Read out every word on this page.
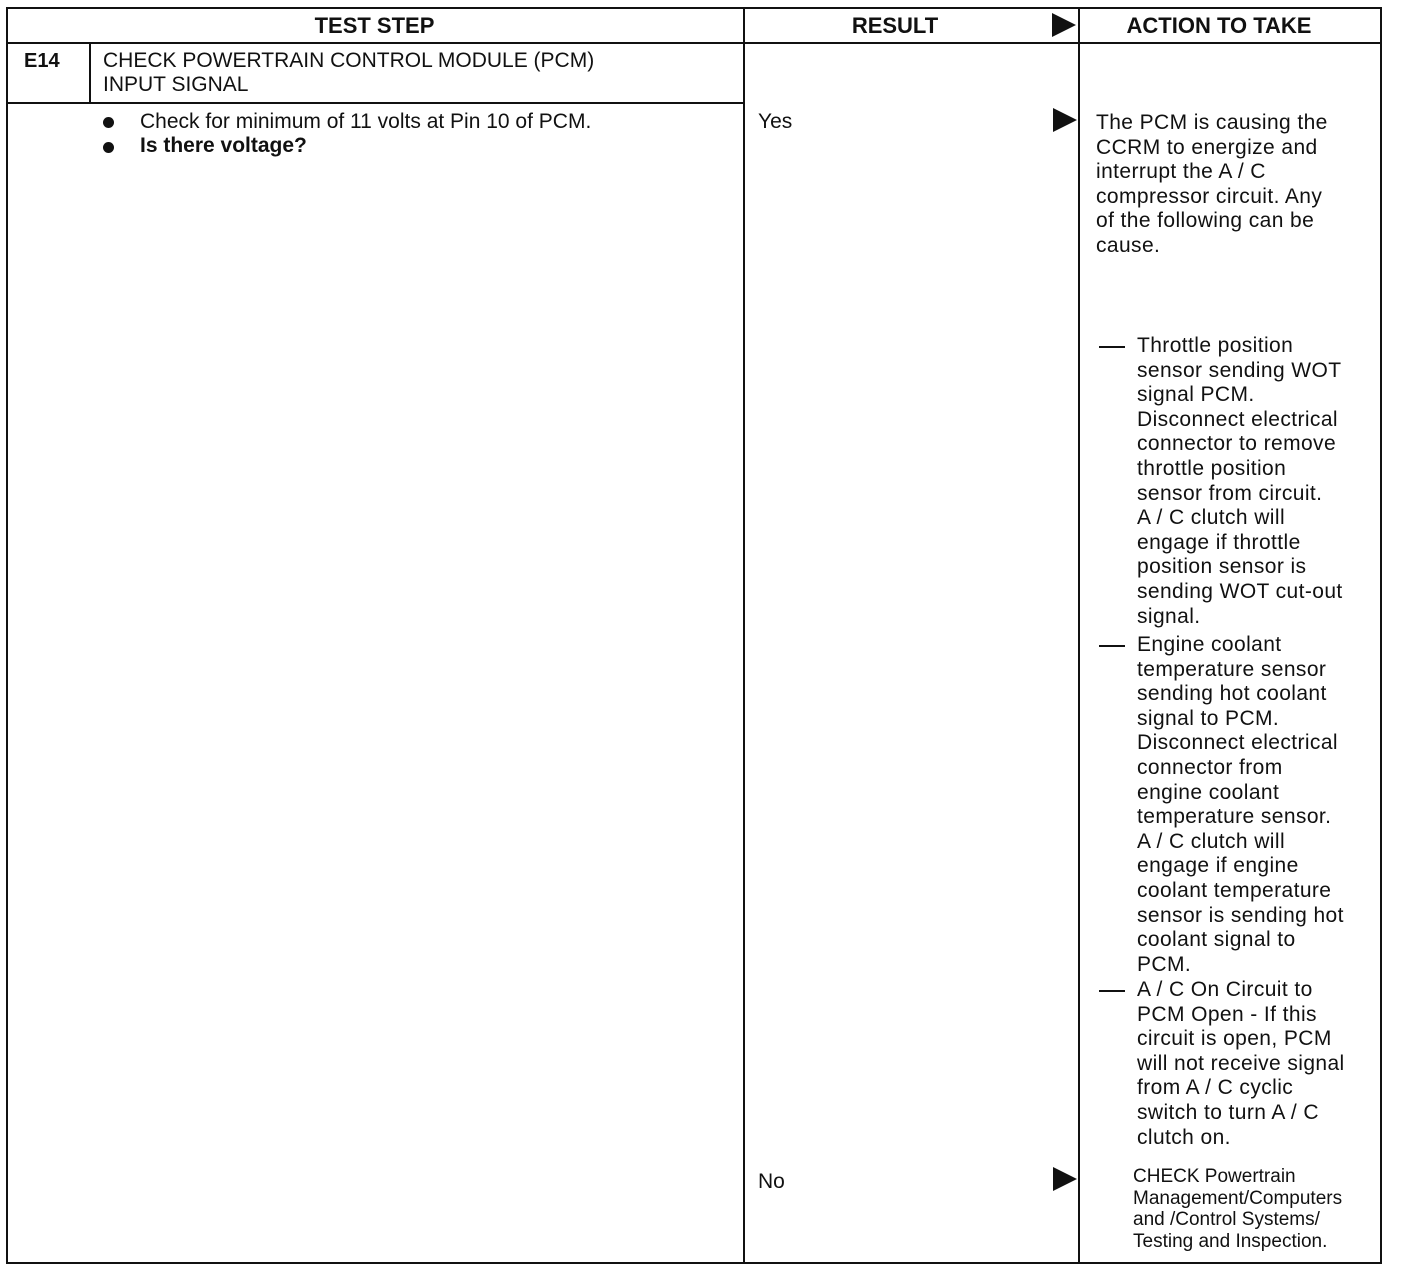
TEST STEP	RESULT	ACTION TO TAKE
E14 CHECK POWERTRAIN CONTROL MODULE (PCM)
INPUT SIGNAL
Check for minimum of 11 volts at Pin 10 of PCM.
Is there voltage?
Yes
No
The PCM is causing the
CCRM to energize and
interrupt the A / C
compressor circuit. Any
of the following can be
cause.
Throttle position
sensor sending WOT
signal PCM.
Disconnect electrical
connector to remove
throttle position
sensor from circuit.
A / C clutch will
engage if throttle
position sensor is
sending WOT cut-out
signal.
Engine coolant
temperature sensor
sending hot coolant
signal to PCM.
Disconnect electrical
connector from
engine coolant
temperature sensor.
A / C clutch will
engage if engine
coolant temperature
sensor is sending hot
coolant signal to
PCM.
A / C On Circuit to
PCM Open - If this
circuit is open, PCM
will not receive signal
from A / C cyclic
switch to turn A / C
clutch on.
CHECK Powertrain
Management/Computers
and /Control Systems/
Testing and Inspection.
